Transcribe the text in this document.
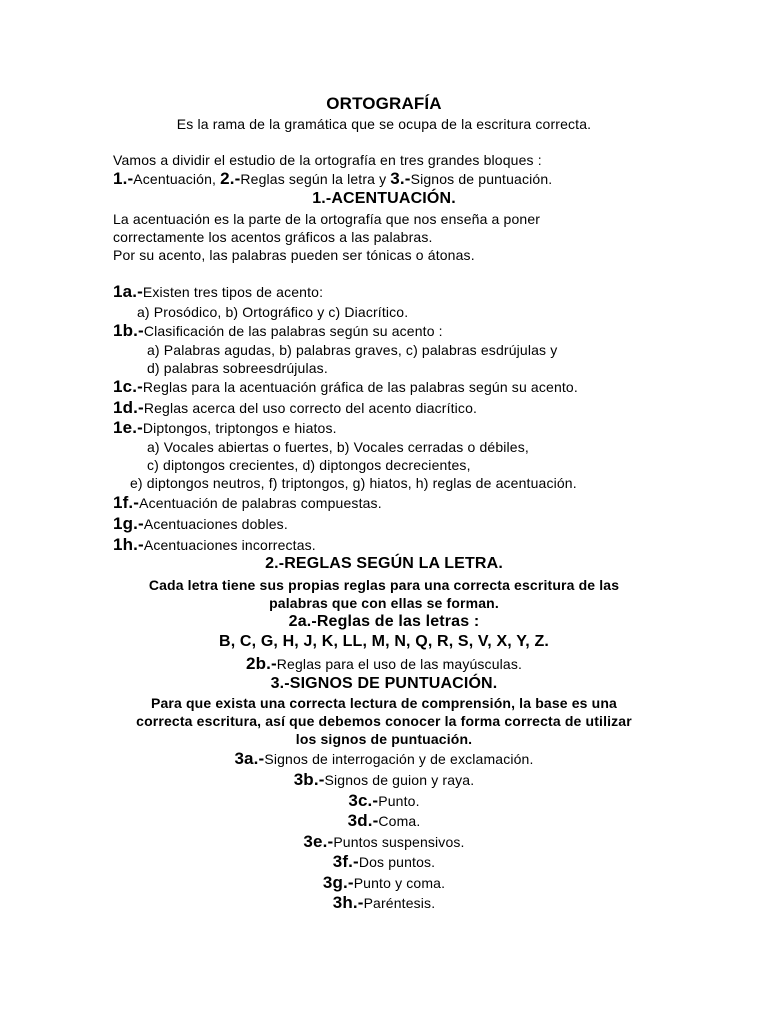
ORTOGRAFÍA
Es la rama de la gramática que se ocupa de la escritura correcta.
Vamos a dividir el estudio de la ortografía en tres grandes bloques :
1.-Acentuación, 2.-Reglas según la letra y 3.-Signos de puntuación.
1.-ACENTUACIÓN.
La acentuación es la parte de la ortografía que nos enseña a poner
correctamente los acentos gráficos a las palabras.
Por su acento, las palabras pueden ser tónicas o átonas.
1a.-Existen tres tipos de acento:
a) Prosódico, b) Ortográfico y c) Diacrítico.
1b.-Clasificación de las palabras según su acento :
a) Palabras agudas, b) palabras graves, c) palabras esdrújulas y
d) palabras sobreesdrújulas.
1c.-Reglas para la acentuación gráfica de las palabras según su acento.
1d.-Reglas acerca del uso correcto del acento diacrítico.
1e.-Diptongos, triptongos e hiatos.
a) Vocales abiertas o fuertes, b) Vocales cerradas o débiles,
c) diptongos crecientes, d) diptongos decrecientes,
e) diptongos neutros, f) triptongos, g) hiatos, h) reglas de acentuación.
1f.-Acentuación de palabras compuestas.
1g.-Acentuaciones dobles.
1h.-Acentuaciones incorrectas.
2.-REGLAS SEGÚN LA LETRA.
Cada letra tiene sus propias reglas para una correcta escritura de las
palabras que con ellas se forman.
2a.-Reglas de las letras :
B, C, G, H, J, K, LL, M, N, Q, R, S, V, X, Y, Z.
2b.-Reglas para el uso de las mayúsculas.
3.-SIGNOS DE PUNTUACIÓN.
Para que exista una correcta lectura de comprensión, la base es una
correcta escritura, así que debemos conocer la forma correcta de utilizar
los signos de puntuación.
3a.-Signos de interrogación y de exclamación.
3b.-Signos de guion y raya.
3c.-Punto.
3d.-Coma.
3e.-Puntos suspensivos.
3f.-Dos puntos.
3g.-Punto y coma.
3h.-Paréntesis.
